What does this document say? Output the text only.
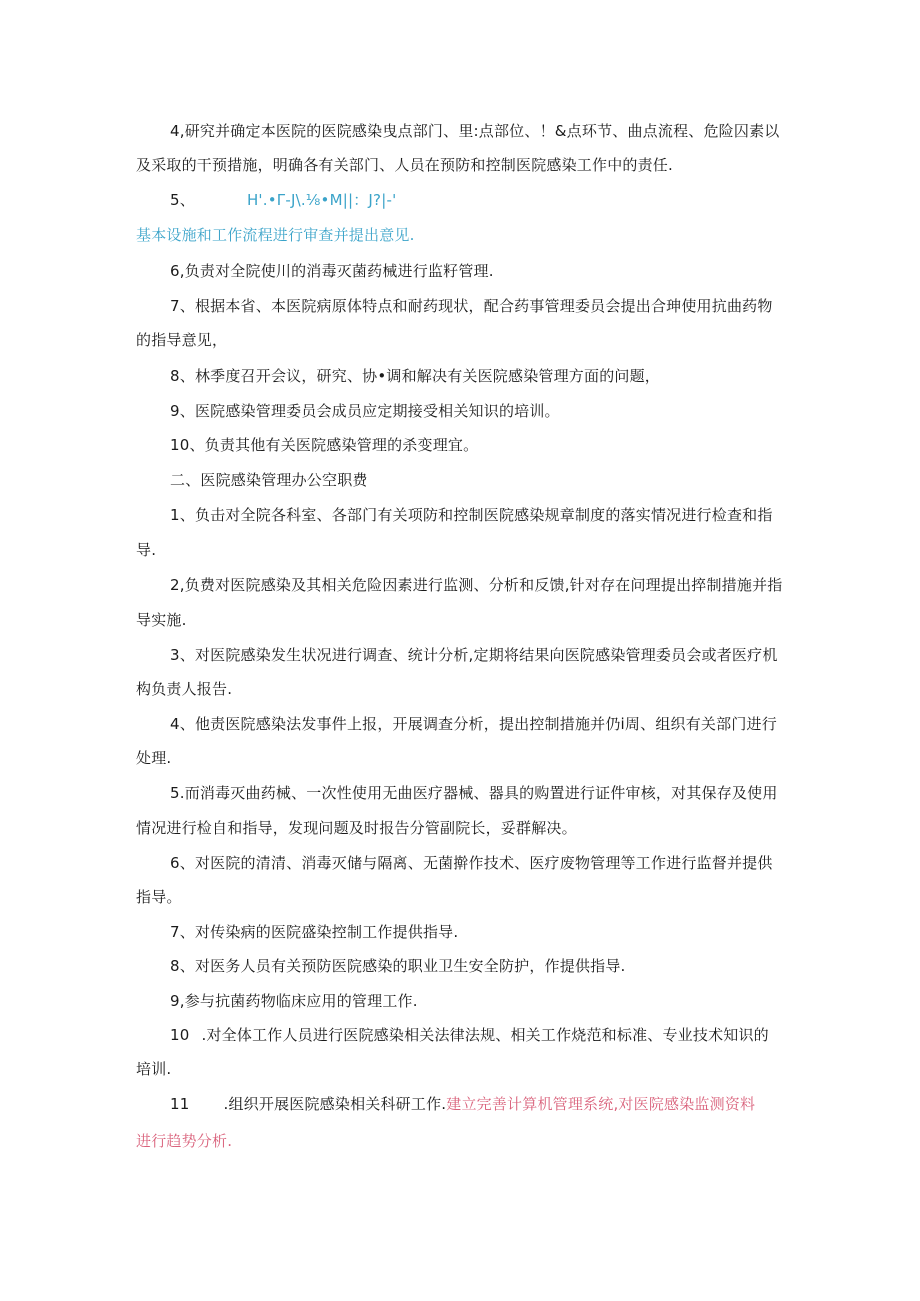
4,研究并确定本医院的医院感染曳点部门、里:点部位、！&点环节、曲点流程、危险囚素以
及采取的干预措施，明确各有关部门、人员在预防和控制医院感染工作中的责任.
5、	H'.•Γ-J\.⅛•M||：J?|-'
基本设施和工作流程进行审查并提出意见.
6,负责对全院使川的消毒灭菌药械进行监籽管理.
7、根据本省、本医院病原体特点和耐药现状，配合药事管理委员会提出合珅使用抗曲药物
的指导意见，
8、林季度召开会议，研究、协•调和解决有关医院感染管理方面的问题，
9、医院感染管理委员会成员应定期接受相关知识的培训。
10、负责其他有关医院感染管理的杀变理宜。
二、医院感染管理办公空职费
1、负击对全院各科室、各部门有关项防和控制医院感染规章制度的落实情况进行检查和指
导.
2,负费对医院感染及其相关危险因素进行监测、分析和反馈,针对存在问理提出捽制措施并指
导实施.
3、对医院感染发生状况进行调查、统计分析,定期将结果向医院感染管理委员会或者医疗机
构负责人报告.
4、他责医院感染法发事件上报，开展调查分析，提出控制措施并仍i周、组织有关部门进行
处理.
5.而消毒灭曲药械、一次性使用无曲医疗器械、器具的购置进行证件审核，对其保存及使用
情况进行检自和指导，发现问题及时报告分管副院长，妥群解决。
6、对医院的清清、消毒灭储与隔离、无菌擀作技术、医疗废物管理等工作进行监督并提供
指导。
7、对传染病的医院盛染控制工作提供指导.
8、对医务人员有关预防医院感染的职业卫生安全防护，作提供指导.
9,参与抗菌药物临床应用的管理工作.
10 .对全体工作人员进行医院感染相关法律法规、相关工作烧范和标准、专业技术知识的
培训.
11 .组织开展医院感染相关科研工作.建立完善计算机管理系统,对医院感染监测资料
进行趋势分析.
